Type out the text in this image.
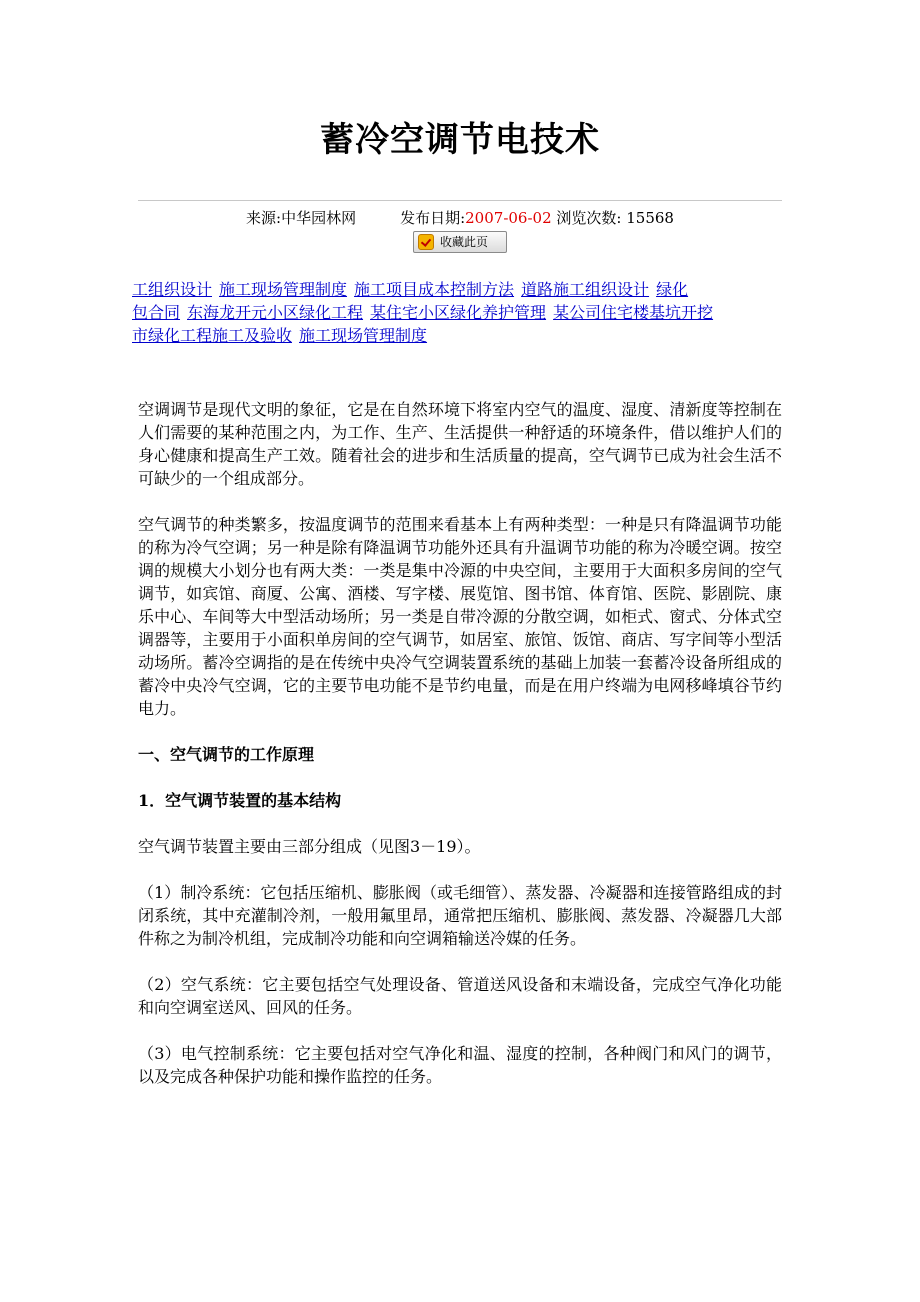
蓄冷空调节电技术
来源:中华园林网	发布日期:2007-06-02 浏览次数: 15568
收藏此页
工组织设计 施工现场管理制度 施工项目成本控制方法 道路施工组织设计 绿化
包合同 东海龙开元小区绿化工程 某住宅小区绿化养护管理 某公司住宅楼基坑开挖
市绿化工程施工及验收 施工现场管理制度

空调调节是现代文明的象征，它是在自然环境下将室内空气的温度、湿度、清新度等控制在人们需要的某种范围之内，为工作、生产、生活提供一种舒适的环境条件，借以维护人们的身心健康和提高生产工效。随着社会的进步和生活质量的提高，空气调节已成为社会生活不可缺少的一个组成部分。

空气调节的种类繁多，按温度调节的范围来看基本上有两种类型：一种是只有降温调节功能的称为冷气空调；另一种是除有降温调节功能外还具有升温调节功能的称为冷暖空调。按空调的规模大小划分也有两大类：一类是集中冷源的中央空间，主要用于大面积多房间的空气调节，如宾馆、商厦、公寓、酒楼、写字楼、展览馆、图书馆、体育馆、医院、影剧院、康乐中心、车间等大中型活动场所；另一类是自带冷源的分散空调，如柜式、窗式、分体式空调器等，主要用于小面积单房间的空气调节，如居室、旅馆、饭馆、商店、写字间等小型活动场所。蓄冷空调指的是在传统中央冷气空调装置系统的基础上加装一套蓄冷设备所组成的蓄冷中央冷气空调，它的主要节电功能不是节约电量，而是在用户终端为电网移峰填谷节约电力。

一、空气调节的工作原理
1．空气调节装置的基本结构

空气调节装置主要由三部分组成（见图3－19）。

（1）制冷系统：它包括压缩机、膨胀阀（或毛细管）、蒸发器、冷凝器和连接管路组成的封闭系统，其中充灌制冷剂，一般用氟里昂，通常把压缩机、膨胀阀、蒸发器、冷凝器几大部件称之为制冷机组，完成制冷功能和向空调箱输送冷媒的任务。

（2）空气系统：它主要包括空气处理设备、管道送风设备和末端设备，完成空气净化功能和向空调室送风、回风的任务。

（3）电气控制系统：它主要包括对空气净化和温、湿度的控制，各种阀门和风门的调节，以及完成各种保护功能和操作监控的任务。
